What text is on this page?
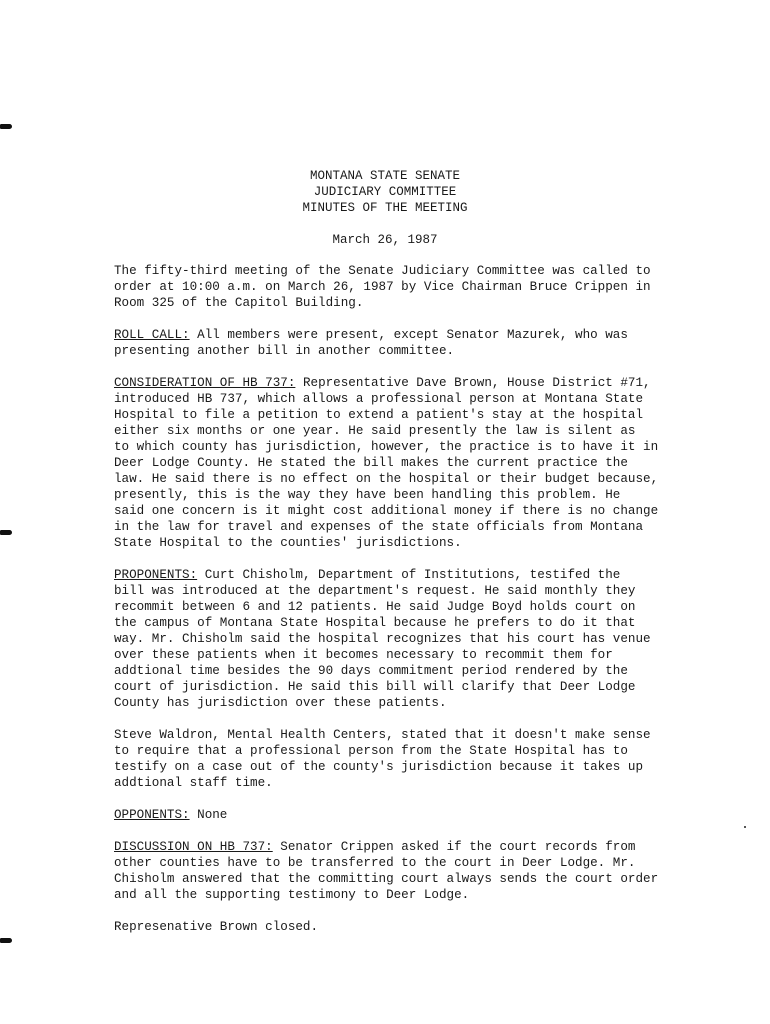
MONTANA STATE SENATE
JUDICIARY COMMITTEE
MINUTES OF THE MEETING
March 26, 1987

The fifty-third meeting of the Senate Judiciary Committee was called to
order at 10:00 a.m. on March 26, 1987 by Vice Chairman Bruce Crippen in
Room 325 of the Capitol Building.

ROLL CALL: All members were present, except Senator Mazurek, who was
presenting another bill in another committee.

CONSIDERATION OF HB 737: Representative Dave Brown, House District #71,
introduced HB 737, which allows a professional person at Montana State
Hospital to file a petition to extend a patient's stay at the hospital
either six months or one year. He said presently the law is silent as
to which county has jurisdiction, however, the practice is to have it in
Deer Lodge County. He stated the bill makes the current practice the
law. He said there is no effect on the hospital or their budget because,
presently, this is the way they have been handling this problem. He
said one concern is it might cost additional money if there is no change
in the law for travel and expenses of the state officials from Montana
State Hospital to the counties' jurisdictions.

PROPONENTS: Curt Chisholm, Department of Institutions, testifed the
bill was introduced at the department's request. He said monthly they
recommit between 6 and 12 patients. He said Judge Boyd holds court on
the campus of Montana State Hospital because he prefers to do it that
way. Mr. Chisholm said the hospital recognizes that his court has venue
over these patients when it becomes necessary to recommit them for
addtional time besides the 90 days commitment period rendered by the
court of jurisdiction. He said this bill will clarify that Deer Lodge
County has jurisdiction over these patients.

Steve Waldron, Mental Health Centers, stated that it doesn't make sense
to require that a professional person from the State Hospital has to
testify on a case out of the county's jurisdiction because it takes up
addtional staff time.

OPPONENTS: None

DISCUSSION ON HB 737: Senator Crippen asked if the court records from
other counties have to be transferred to the court in Deer Lodge. Mr.
Chisholm answered that the committing court always sends the court order
and all the supporting testimony to Deer Lodge.

Represenative Brown closed.
